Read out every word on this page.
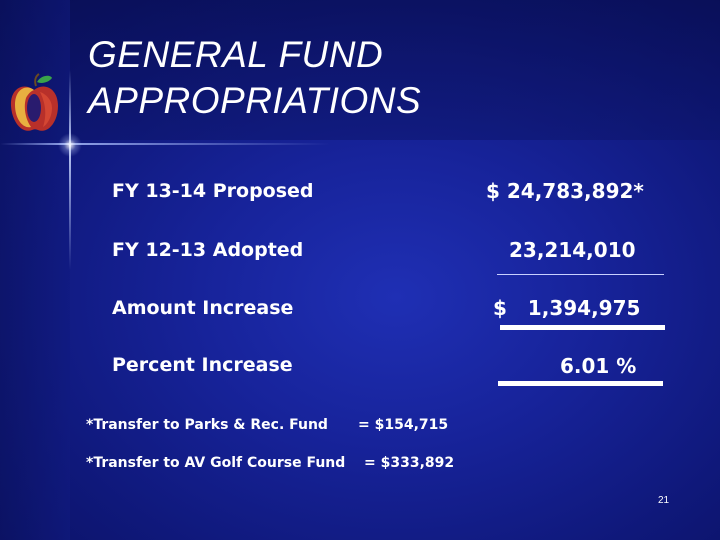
GENERAL FUND
APPROPRIATIONS
FY 13-14 Proposed	$ 24,783,892*
FY 12-13 Adopted	23,214,010
Amount Increase	$   1,394,975
Percent Increase	6.01 %
*Transfer to Parks & Rec. Fund = $154,715
*Transfer to AV Golf Course Fund = $333,892
21
